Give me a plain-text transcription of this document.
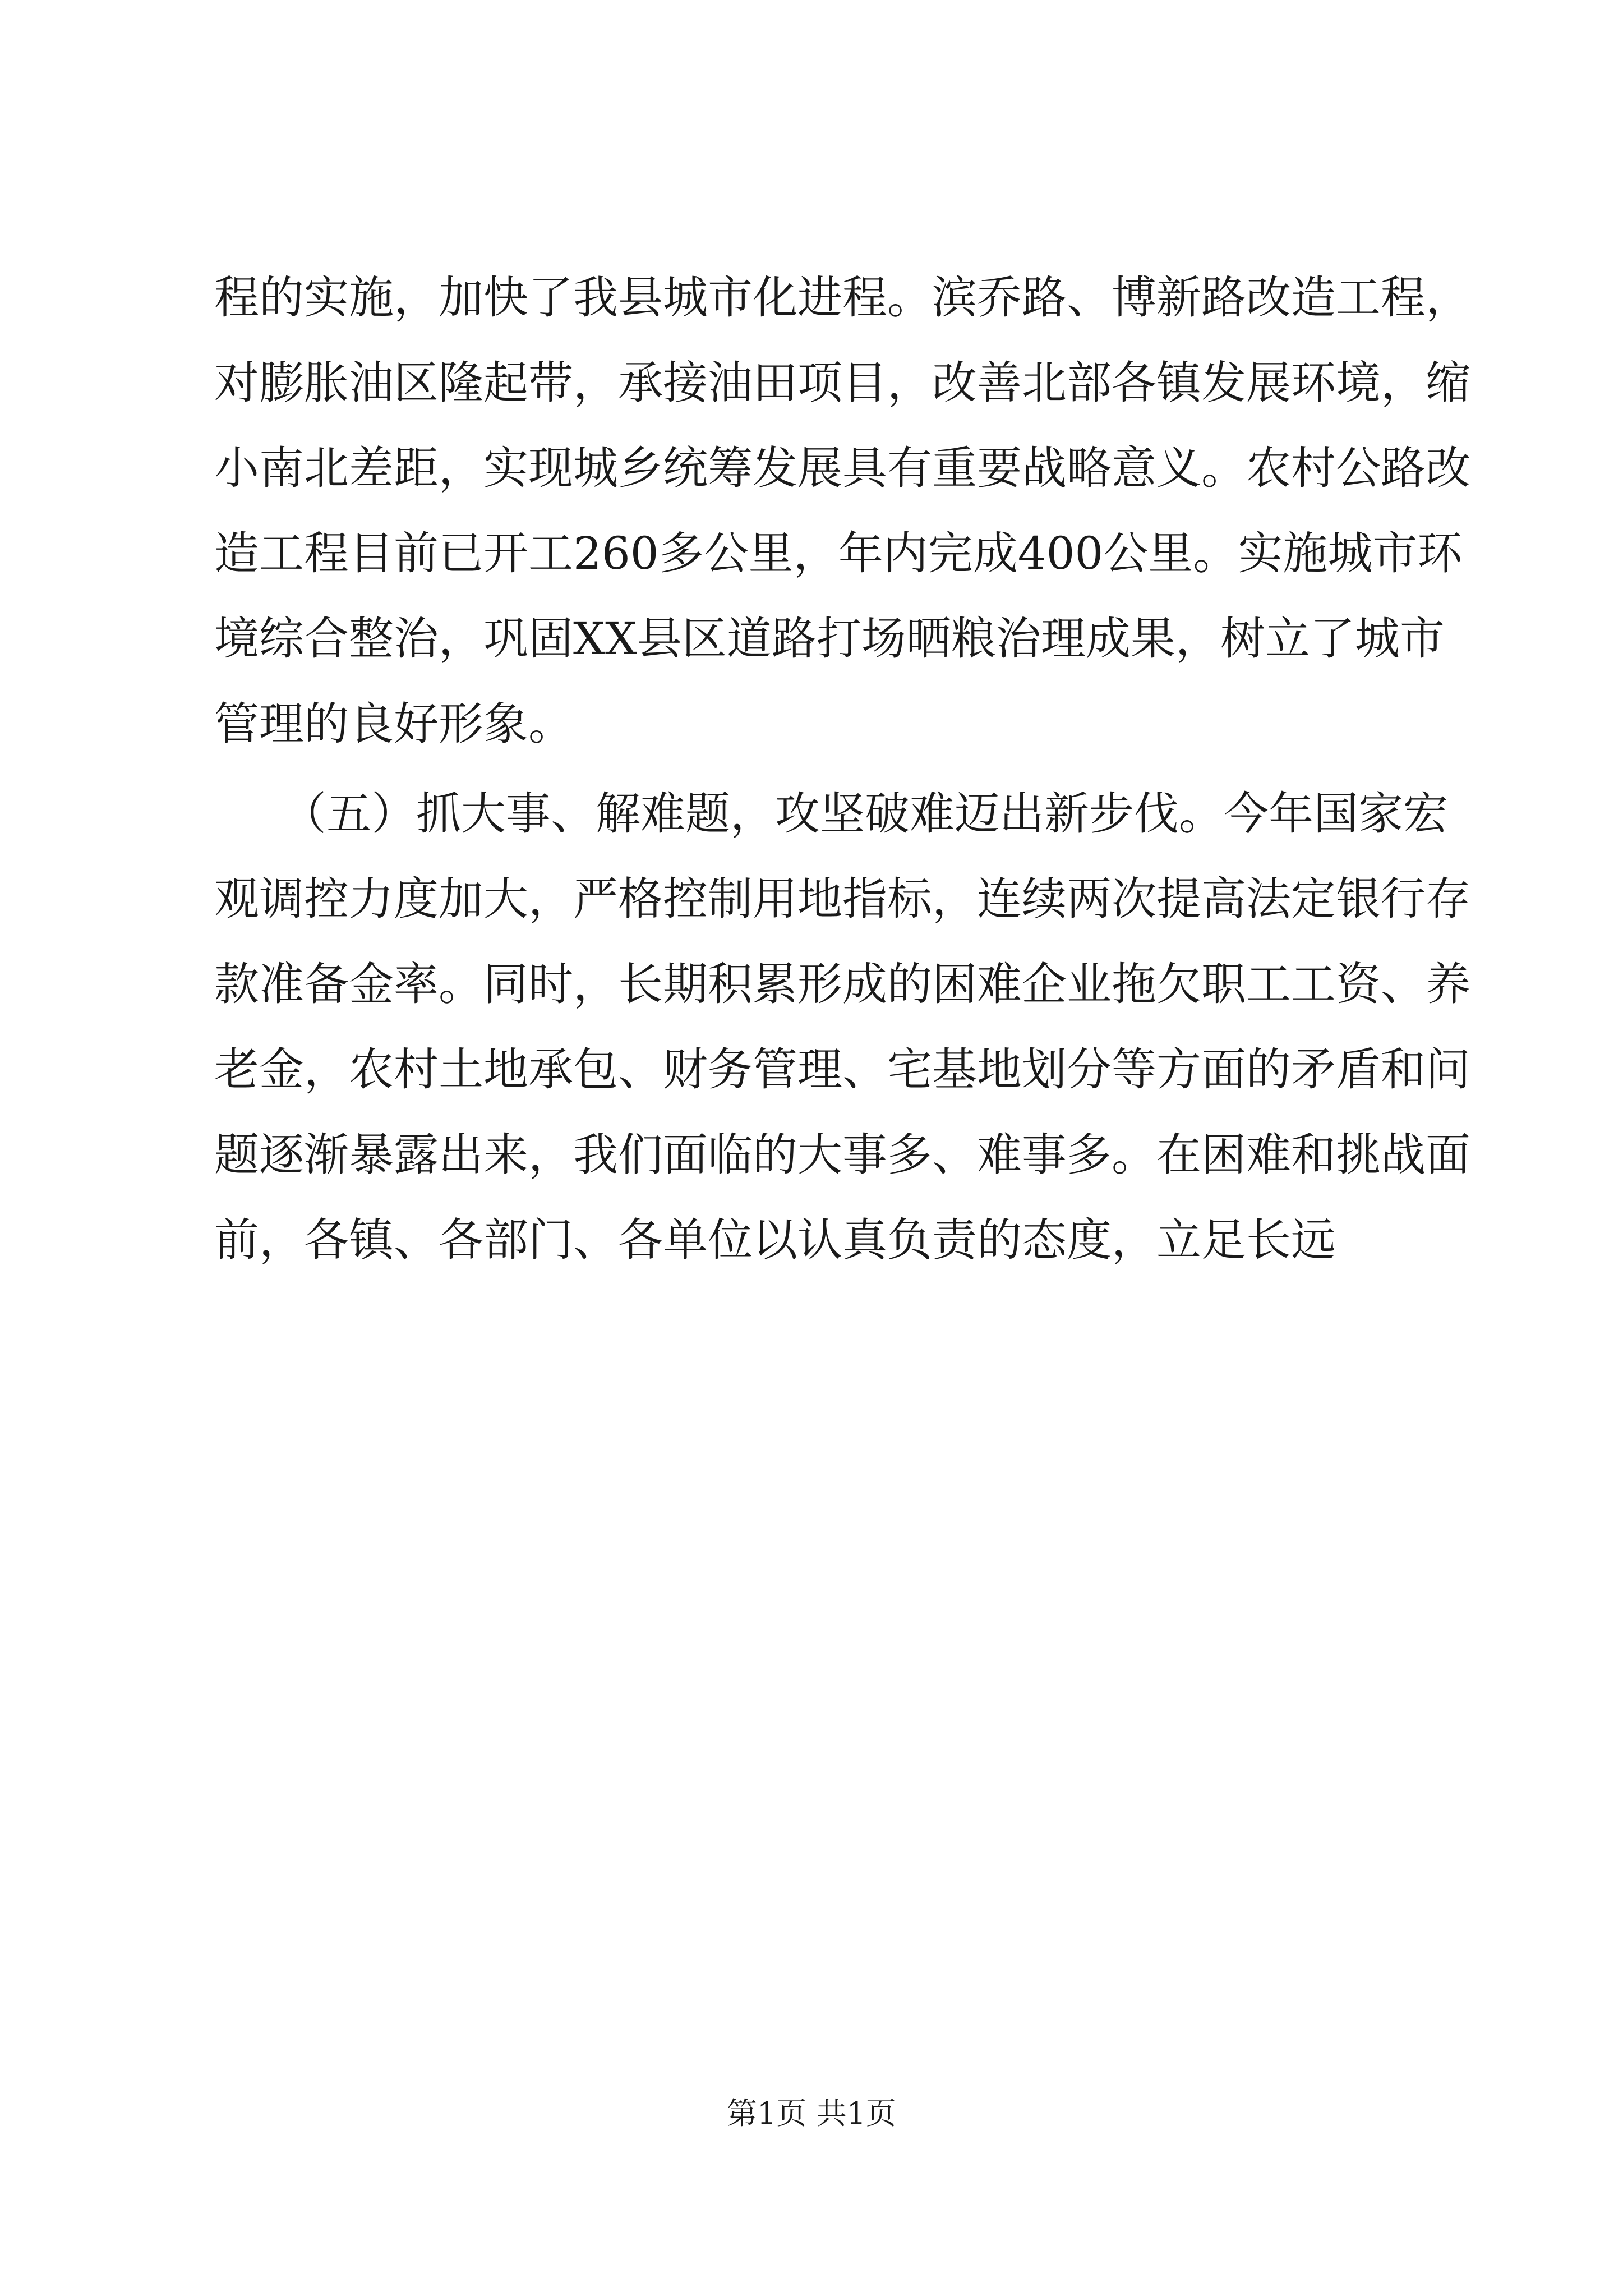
程的实施，加快了我县城市化进程。滨乔路、博新路改造工程，
对膨胀油区隆起带，承接油田项目，改善北部各镇发展环境，缩
小南北差距，实现城乡统筹发展具有重要战略意义。农村公路改
造工程目前已开工260多公里，年内完成400公里。实施城市环
境综合整治，巩固XX县区道路打场晒粮治理成果，树立了城市
管理的良好形象。
　　（五）抓大事、解难题，攻坚破难迈出新步伐。今年国家宏
观调控力度加大，严格控制用地指标，连续两次提高法定银行存
款准备金率。同时，长期积累形成的困难企业拖欠职工工资、养
老金，农村土地承包、财务管理、宅基地划分等方面的矛盾和问
题逐渐暴露出来，我们面临的大事多、难事多。在困难和挑战面
前，各镇、各部门、各单位以认真负责的态度，立足长远
第1页 共1页
